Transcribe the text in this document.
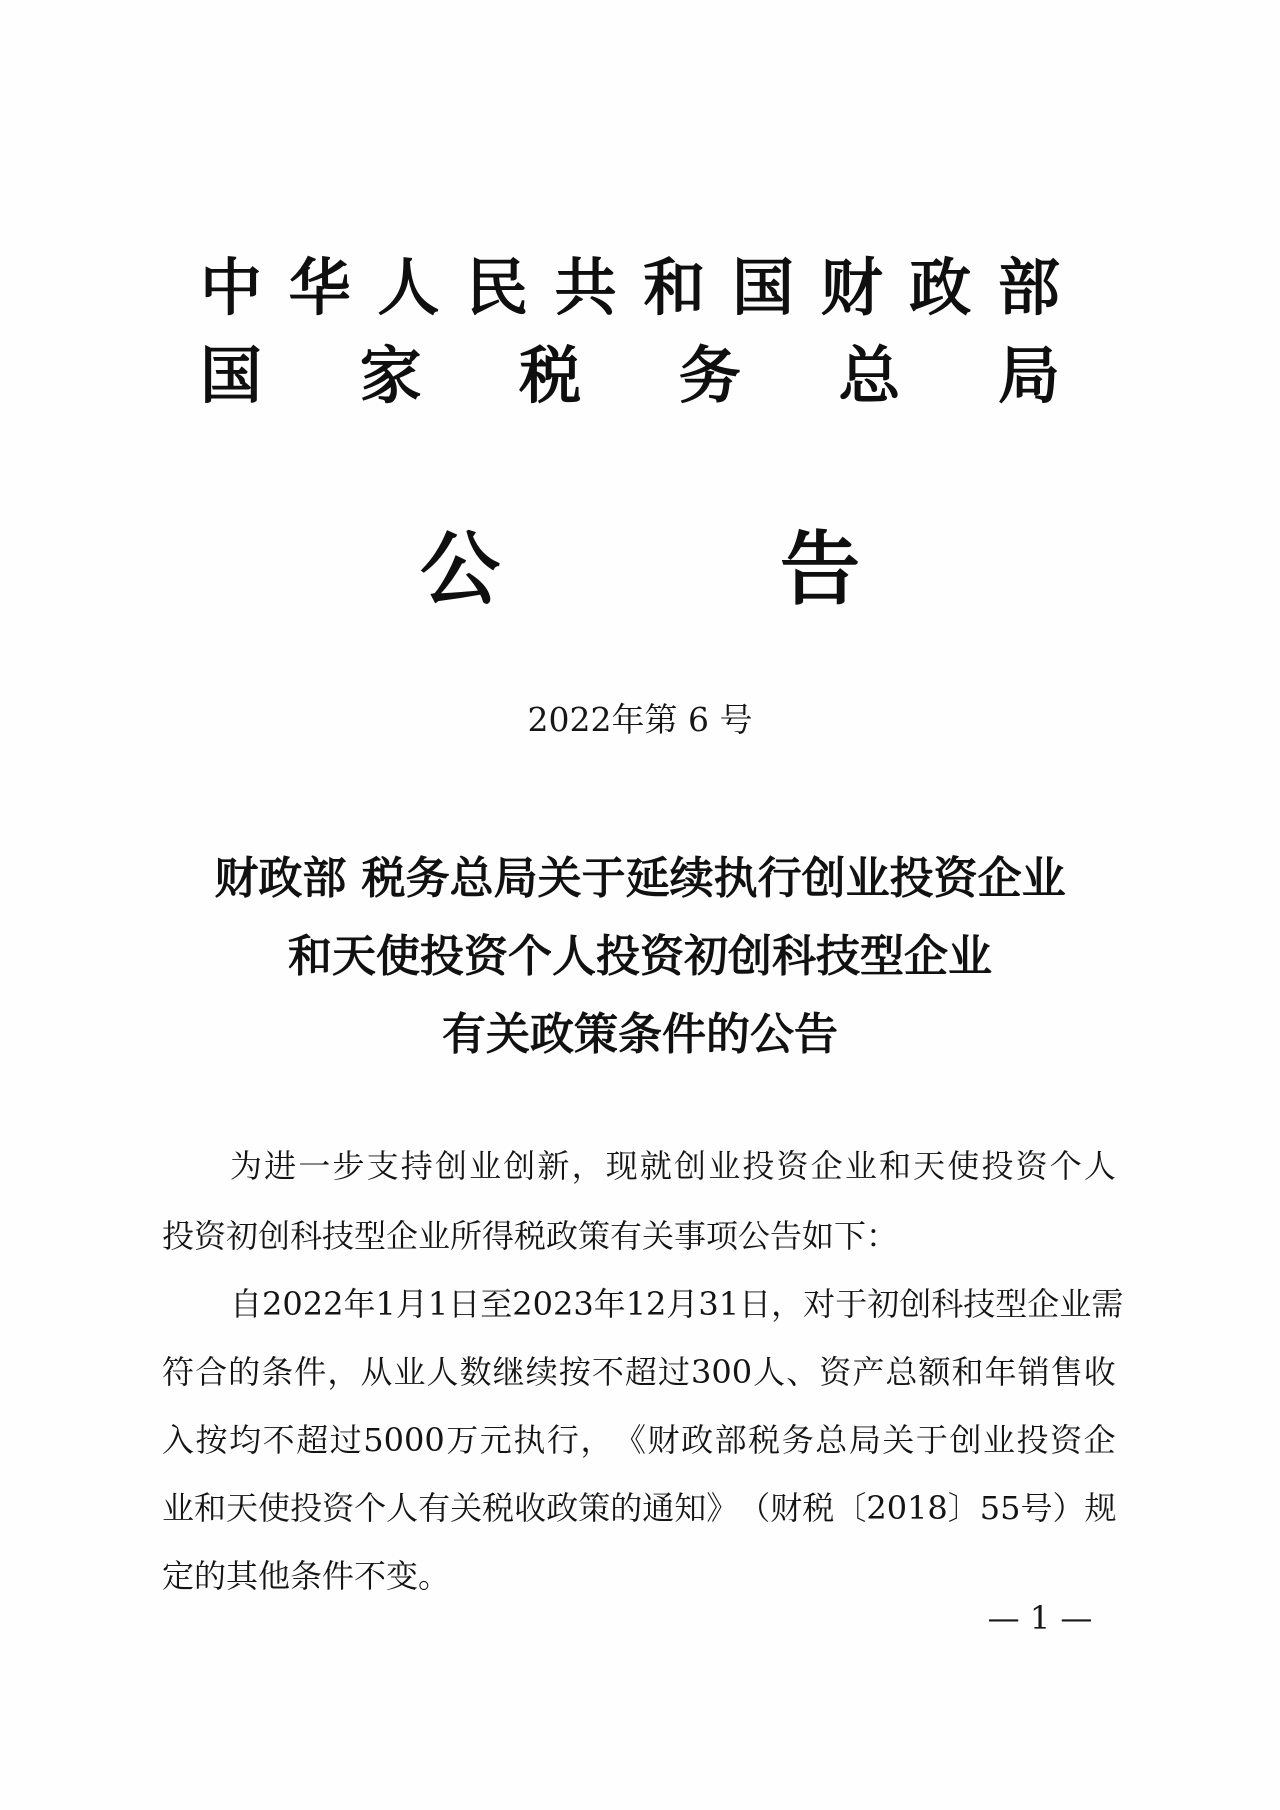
中 华 人 民 共 和 国 财 政 部
国 家 税 务 总 局
公	告
2022年第 6 号
财政部 税务总局关于延续执行创业投资企业
和天使投资个人投资初创科技型企业
有关政策条件的公告
为 进 一 步 支 持 创 业 创 新 ， 现 就 创 业 投 资 企 业 和 天 使 投 资 个 人
投资初创科技型企业所得税政策有关事项公告如下：
自 2022 年 1 月 1 日 至 2023 年 12 月 31 日 ， 对 于 初 创 科 技 型 企 业 需
符 合 的 条 件 ， 从 业 人 数 继 续 按 不 超 过 300 人 、 资 产 总 额 和 年 销 售 收
入 按 均 不 超 过 5000 万 元 执 行 ， 《 财 政 部 税 务 总 局 关 于 创 业 投 资 企
业 和 天 使 投 资 个 人 有 关 税 收 政 策 的 通 知 》 （ 财 税 〔 2018 〕 55 号 ） 规
定的其他条件不变。
— 1 —
